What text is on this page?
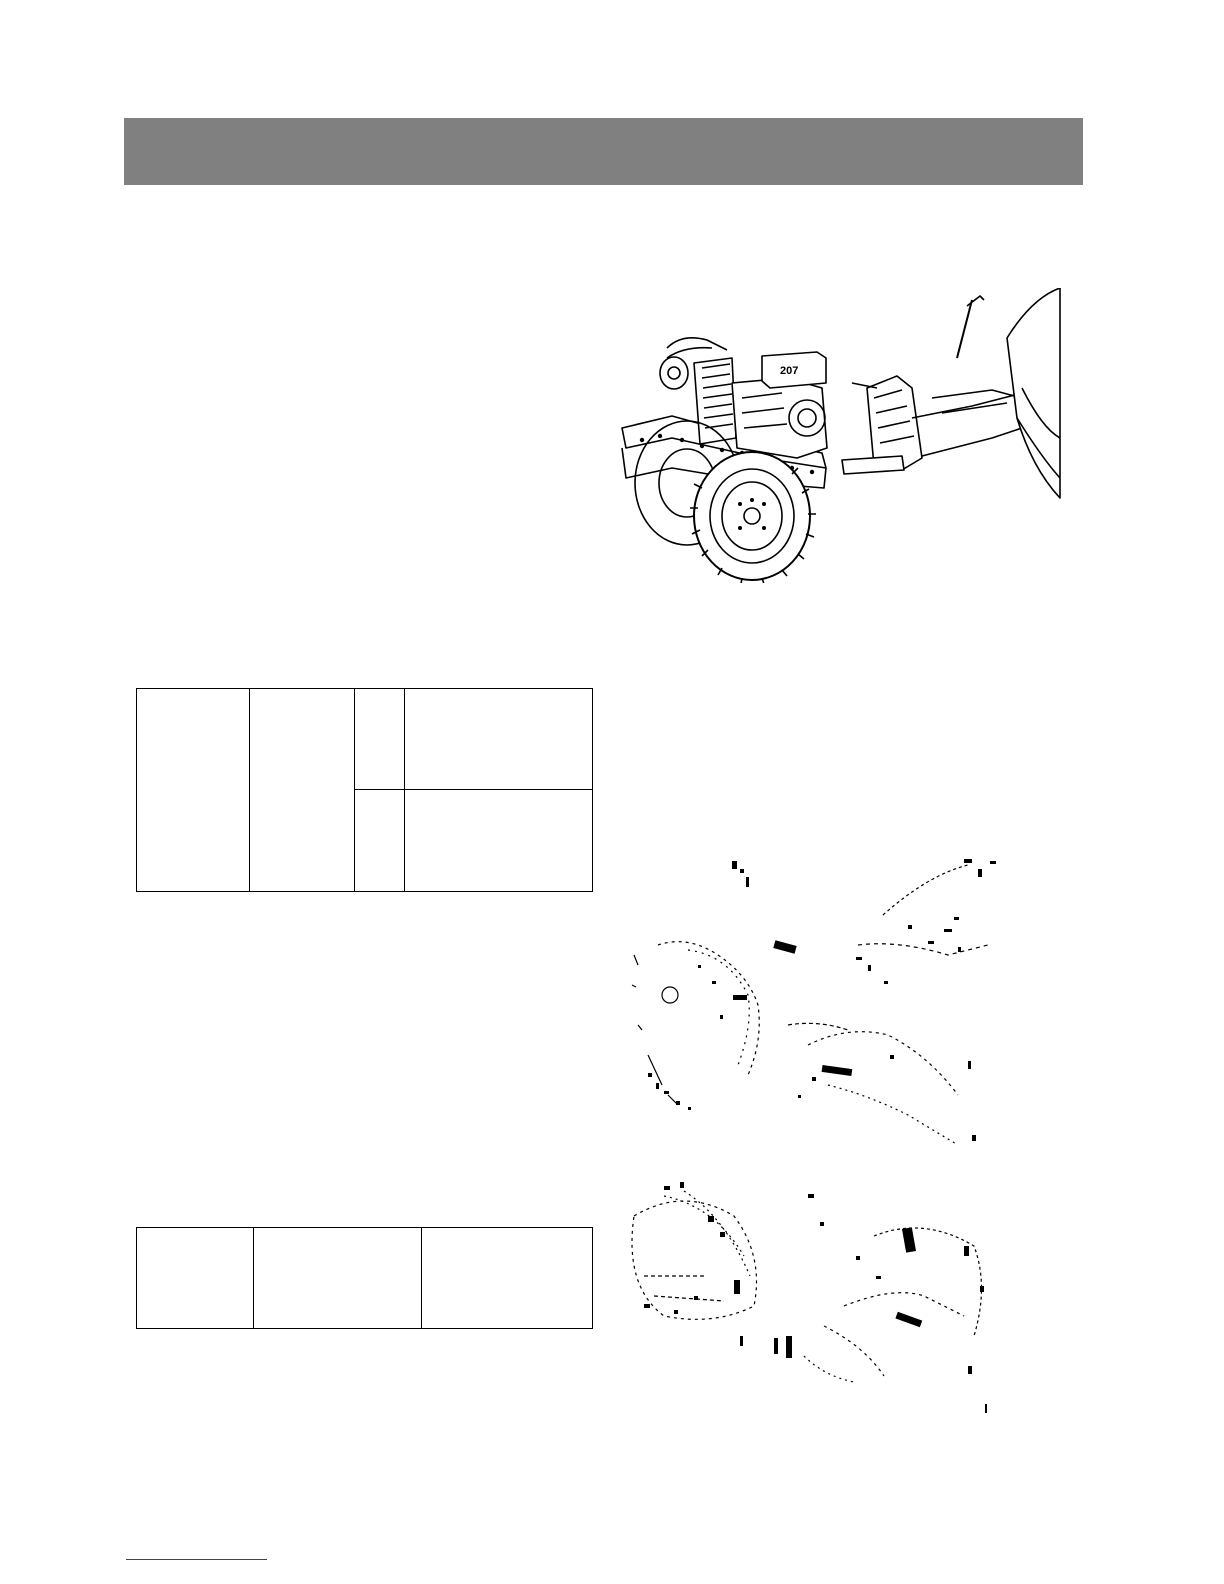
207
